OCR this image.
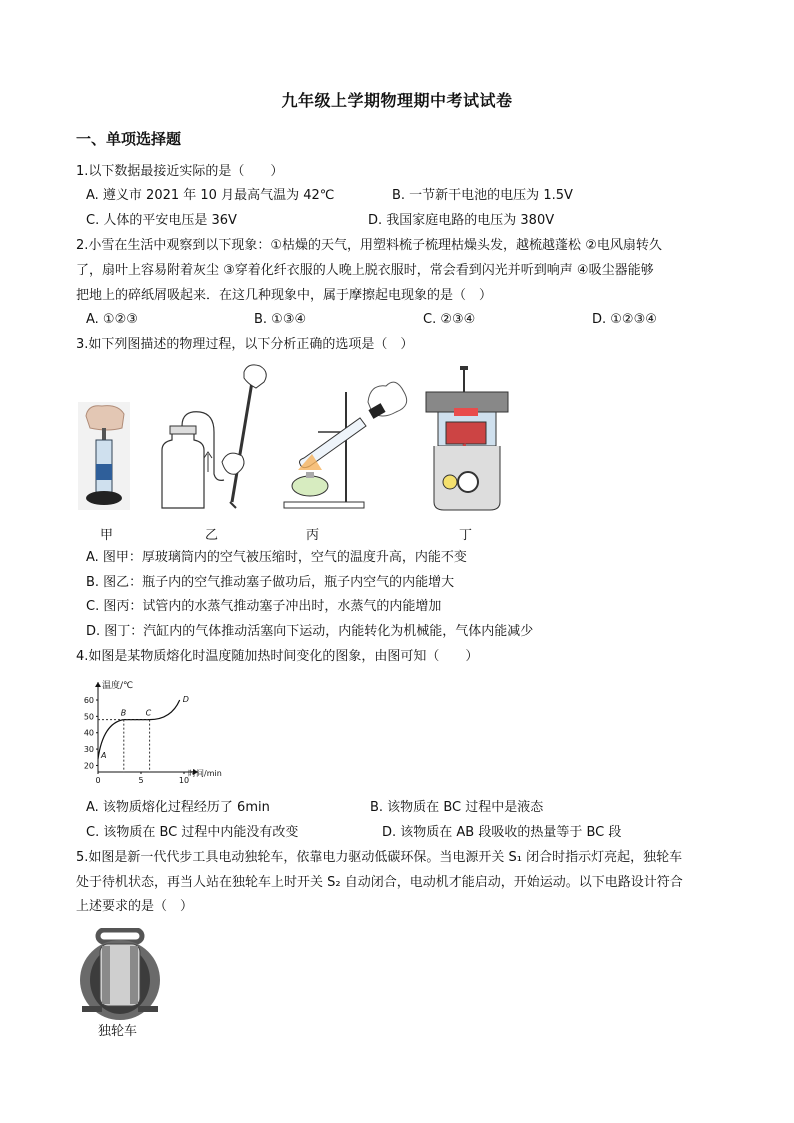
九年级上学期物理期中考试试卷
一、单项选择题
1.以下数据最接近实际的是（　　）
A. 遵义市 2021 年 10 月最高气温为 42℃	B. 一节新干电池的电压为 1.5V
C. 人体的平安电压是 36V	D. 我国家庭电路的电压为 380V
2.小雪在生活中观察到以下现象：①枯燥的天气，用塑料梳子梳理枯燥头发，越梳越蓬松 ②电风扇转久
了，扇叶上容易附着灰尘 ③穿着化纤衣服的人晚上脱衣服时，常会看到闪光并听到响声 ④吸尘器能够
把地上的碎纸屑吸起来．在这几种现象中，属于摩擦起电现象的是（　）
A. ①②③	B. ①③④	C. ②③④	D. ①②③④
3.如下列图描述的物理过程，以下分析正确的选项是（　）
甲	乙	丙	丁
A. 图甲：厚玻璃筒内的空气被压缩时，空气的温度升高，内能不变
B. 图乙：瓶子内的空气推动塞子做功后，瓶子内空气的内能增大
C. 图丙：试管内的水蒸气推动塞子冲出时，水蒸气的内能增加
D. 图丁：汽缸内的气体推动活塞向下运动，内能转化为机械能，气体内能减少
4.如图是某物质熔化时温度随加热时间变化的图象，由图可知（　　）
20
30
40
50
60
0	5	10
温度/℃
时间/min
A
B C
D
A. 该物质熔化过程经历了 6min	B. 该物质在 BC 过程中是液态
C. 该物质在 BC 过程中内能没有改变	D. 该物质在 AB 段吸收的热量等于 BC 段
5.如图是新一代代步工具电动独轮车，依靠电力驱动低碳环保。当电源开关 S₁ 闭合时指示灯亮起，独轮车
处于待机状态，再当人站在独轮车上时开关 S₂ 自动闭合，电动机才能启动，开始运动。以下电路设计符合
上述要求的是（　）
独轮车
